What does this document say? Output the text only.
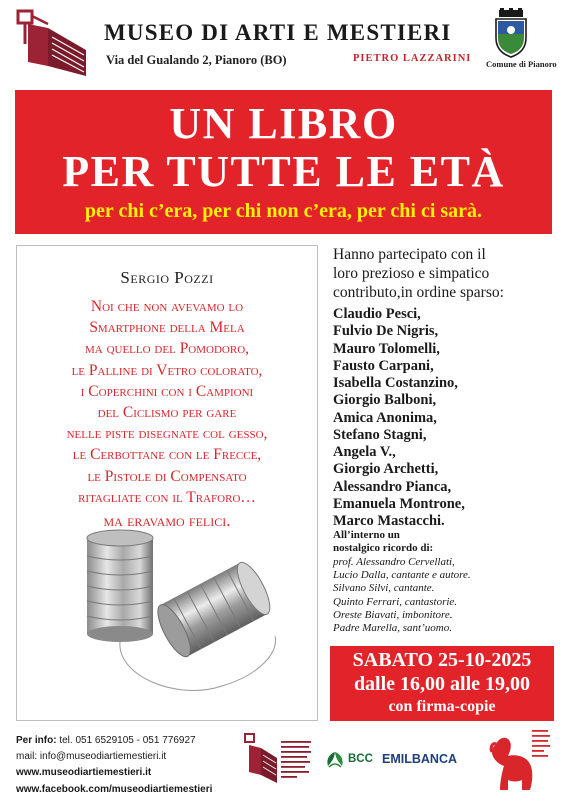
MUSEO DI ARTI E MESTIERI
Via del Gualando 2, Pianoro (BO)	PIETRO LAZZARINI Comune di Pianoro
UN LIBRO
PER TUTTE LE ETÀ
per chi c’era, per chi non c’era, per chi ci sarà.
Sergio Pozzi
Noi che non avevamo lo
Smartphone della Mela
ma quello del Pomodoro,
le Palline di Vetro colorato,
i Coperchini con i Campioni
del Ciclismo per gare
nelle piste disegnate col gesso,
le Cerbottane con le Frecce,
le Pistole di Compensato
ritagliate con il Traforo…
ma eravamo felici.
Hanno partecipato con il
loro prezioso e simpatico
contributo,in ordine sparso:
Claudio Pesci,
Fulvio De Nigris,
Mauro Tolomelli,
Fausto Carpani,
Isabella Costanzino,
Giorgio Balboni,
Amica Anonima,
Stefano Stagni,
Angela V.,
Giorgio Archetti,
Alessandro Pianca,
Emanuela Montrone,
Marco Mastacchi.
All’interno un
nostalgico ricordo di:
prof. Alessandro Cervellati,
Lucio Dalla, cantante e autore.
Silvano Silvi, cantante.
Quinto Ferrari, cantastorie.
Oreste Biavati, imbonitore.
Padre Marella, sant’uomo.
SABATO 25-10-2025
dalle 16,00 alle 19,00
con firma-copie
Per info: tel. 051 6529105 - 051 776927
mail: info@museodiartiemestieri.it
www.museodiartiemestieri.it
www.facebook.com/museodiartiemestieri
BCC EMILBANCA
